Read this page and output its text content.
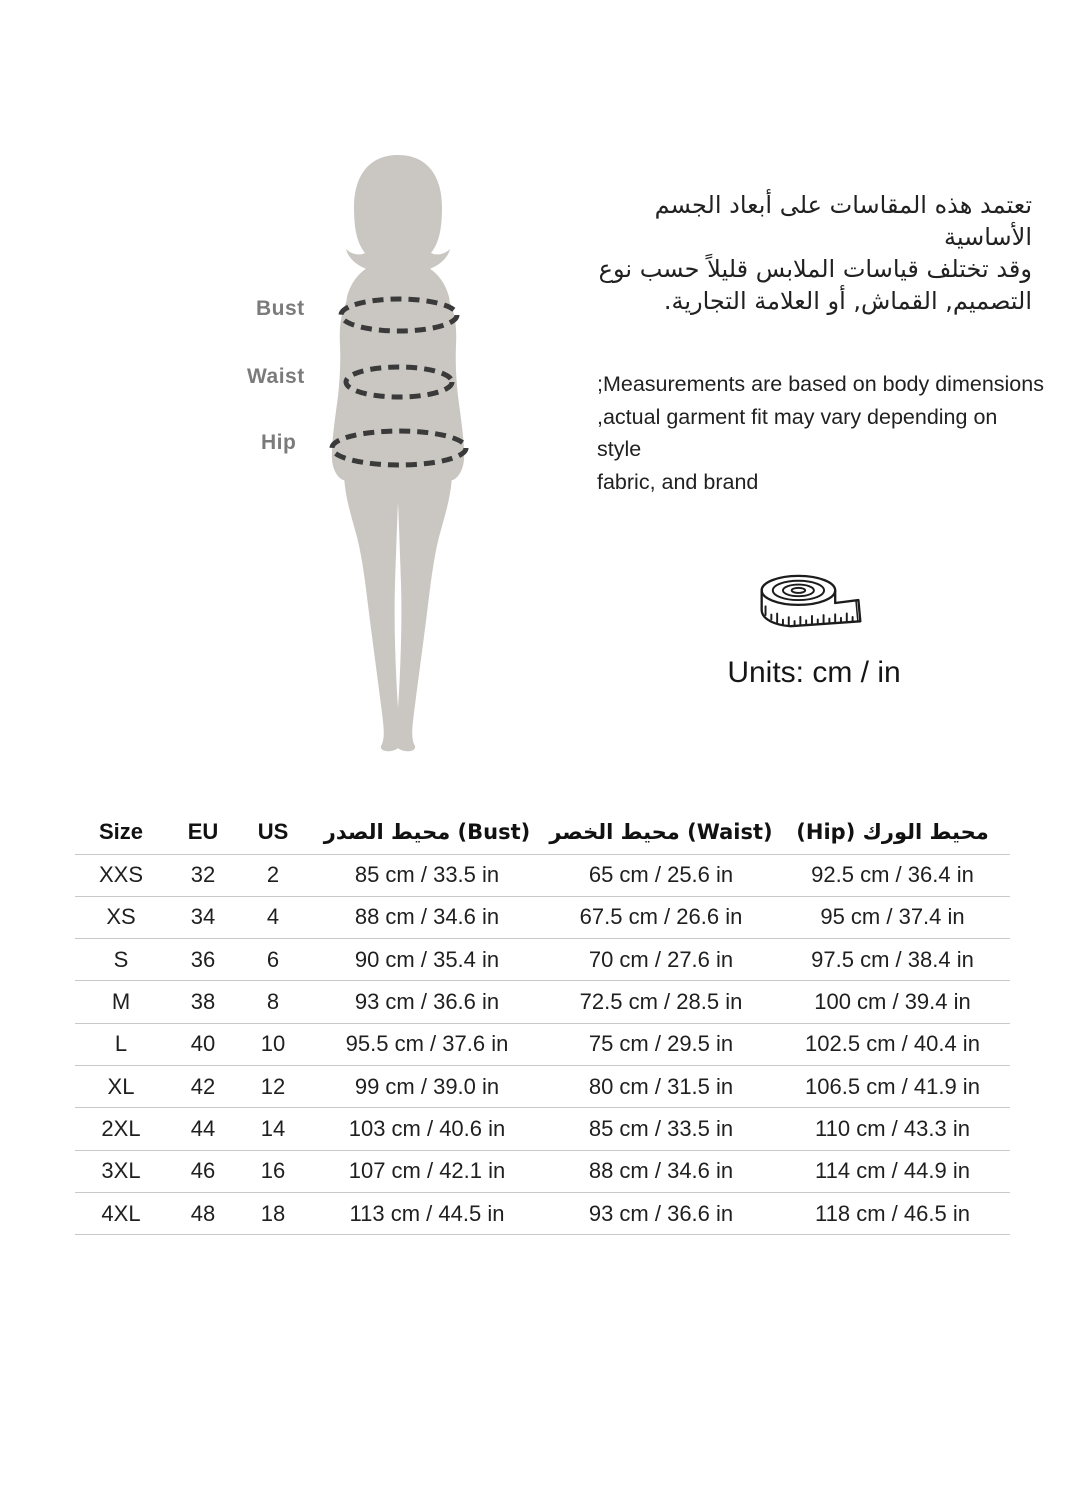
Bust
Waist
Hip
تعتمد هذه المقاسات على أبعاد الجسم الأساسية
وقد تختلف قياسات الملابس قليلاً حسب نوع
التصميم, القماش, أو العلامة التجارية.
;Measurements are based on body dimensions
,actual garment fit may vary depending on style
fabric, and brand
Units: cm / in
Size	EU	US	محيط الصدر (Bust)	محيط الخصر (Waist)	محيط الورك (Hip)
XXS	32	2	85 cm / 33.5 in	65 cm / 25.6 in	92.5 cm / 36.4 in
XS	34	4	88 cm / 34.6 in	67.5 cm / 26.6 in	95 cm / 37.4 in
S	36	6	90 cm / 35.4 in	70 cm / 27.6 in	97.5 cm / 38.4 in
M	38	8	93 cm / 36.6 in	72.5 cm / 28.5 in	100 cm / 39.4 in
L	40	10	95.5 cm / 37.6 in	75 cm / 29.5 in	102.5 cm / 40.4 in
XL	42	12	99 cm / 39.0 in	80 cm / 31.5 in	106.5 cm / 41.9 in
2XL	44	14	103 cm / 40.6 in	85 cm / 33.5 in	110 cm / 43.3 in
3XL	46	16	107 cm / 42.1 in	88 cm / 34.6 in	114 cm / 44.9 in
4XL	48	18	113 cm / 44.5 in	93 cm / 36.6 in	118 cm / 46.5 in
